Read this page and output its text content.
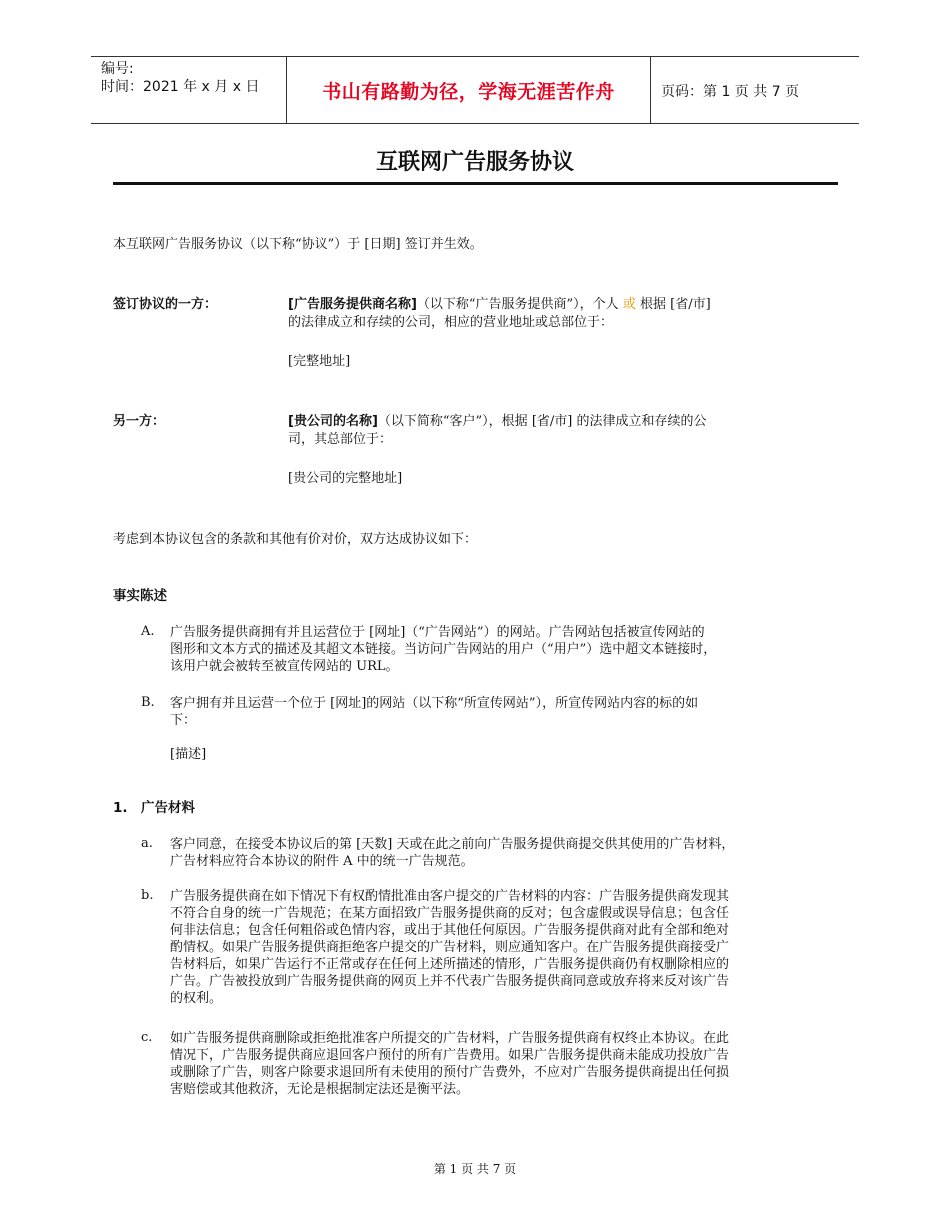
编号:
时间：2021 年 x 月 x 日	书山有路勤为径，学海无涯苦作舟	页码：第 1 页 共 7 页
互联网广告服务协议
本互联网广告服务协议（以下称“协议”）于 [日期] 签订并生效。
签订协议的一方：	[广告服务提供商名称]（以下称“广告服务提供商”），个人 或 根据 [省/市]
的法律成立和存续的公司，相应的营业地址或总部位于：
[完整地址]
另一方：	[贵公司的名称]（以下简称“客户”），根据 [省/市] 的法律成立和存续的公
司，其总部位于：
[贵公司的完整地址]
考虑到本协议包含的条款和其他有价对价，双方达成协议如下：
事实陈述
A. 广告服务提供商拥有并且运营位于 [网址]（“广告网站”）的网站。广告网站包括被宣传网站的
图形和文本方式的描述及其超文本链接。当访问广告网站的用户（“用户”）选中超文本链接时，
该用户就会被转至被宣传网站的 URL。
B. 客户拥有并且运营一个位于 [网址]的网站（以下称“所宣传网站”），所宣传网站内容的标的如
下：
[描述]
1. 广告材料
a. 客户同意，在接受本协议后的第 [天数] 天或在此之前向广告服务提供商提交供其使用的广告材料，
广告材料应符合本协议的附件 A 中的统一广告规范。
b. 广告服务提供商在如下情况下有权酌情批准由客户提交的广告材料的内容：广告服务提供商发现其
不符合自身的统一广告规范；在某方面招致广告服务提供商的反对；包含虚假或误导信息；包含任
何非法信息；包含任何粗俗或色情内容，或出于其他任何原因。广告服务提供商对此有全部和绝对
酌情权。如果广告服务提供商拒绝客户提交的广告材料，则应通知客户。在广告服务提供商接受广
告材料后，如果广告运行不正常或存在任何上述所描述的情形，广告服务提供商仍有权删除相应的
广告。广告被投放到广告服务提供商的网页上并不代表广告服务提供商同意或放弃将来反对该广告
的权利。
c. 如广告服务提供商删除或拒绝批准客户所提交的广告材料，广告服务提供商有权终止本协议。在此
情况下，广告服务提供商应退回客户预付的所有广告费用。如果广告服务提供商未能成功投放广告
或删除了广告，则客户除要求退回所有未使用的预付广告费外，不应对广告服务提供商提出任何损
害赔偿或其他救济，无论是根据制定法还是衡平法。
第 1 页 共 7 页
